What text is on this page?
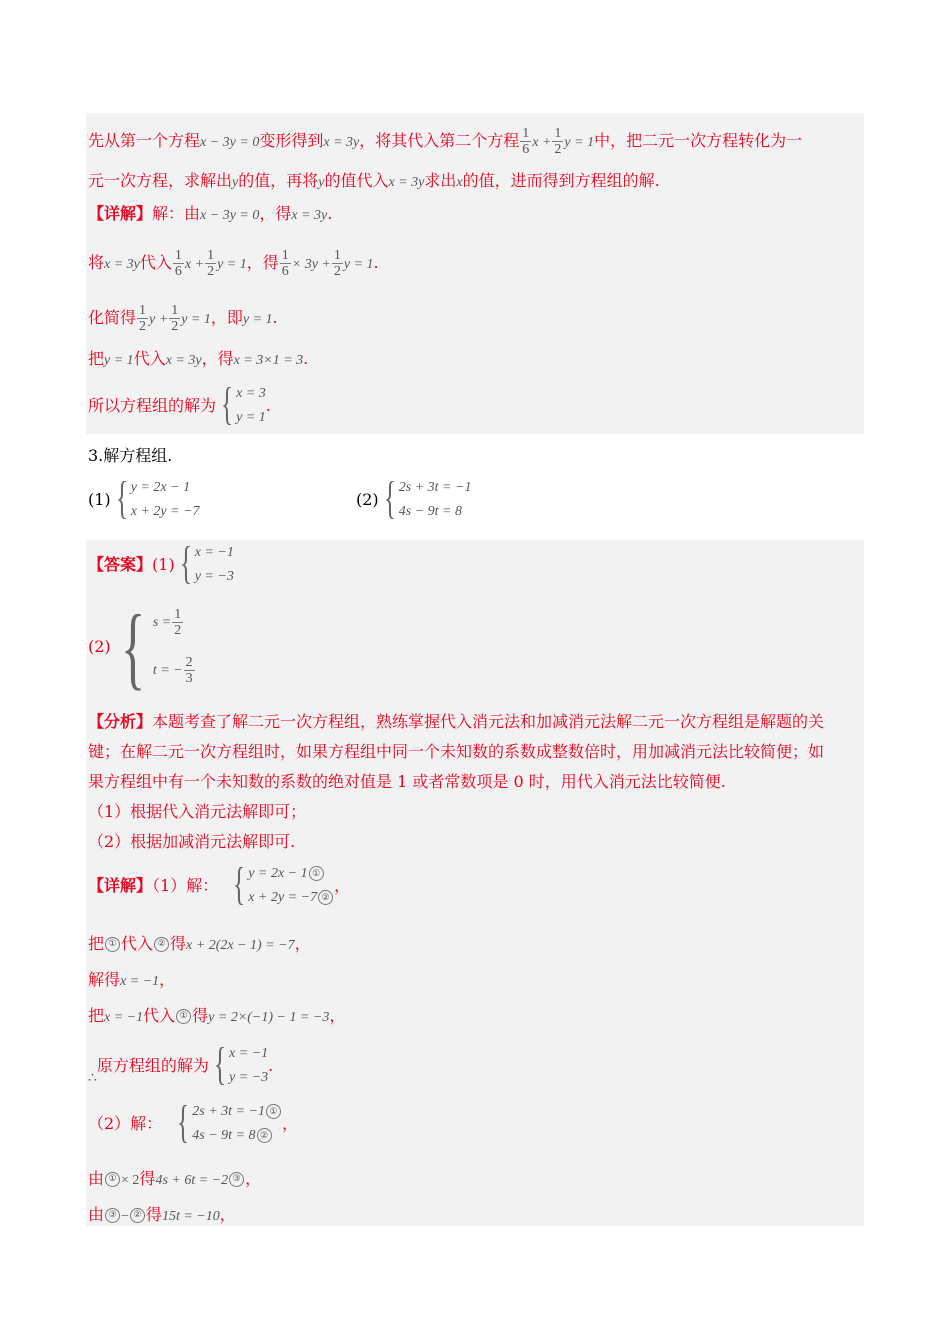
先从第一个方程x − 3y = 0变形得到x = 3y，将其代入第二个方程 $\frac{1}{6}$ $x + \frac{1}{2}$ y = 1中，把二元一次方程转化为一
元一次方程，求解出y的值，再将y的值代入x = 3y求出x的值，进而得到方程组的解.
【详解】解：由x − 3y = 0，得x = 3y.
将x = 3y代入 $\frac{1}{6}$ $x + \frac{1}{2}$ y = 1，得 $\frac{1}{6} \times 3y + \frac{1}{2}$ y = 1.
化简得 $\frac{1}{2}$ $y + \frac{1}{2}$ y = 1，即y = 1.
把y = 1代入x = 3y，得x = 3×1 = 3.
所以方程组的解为 { x = 3
y = 1
.
3.解方程组.
(1) { y = 2x − 1
x + 2y = −7
(2) { 2s + 3t = −1
4s − 9t = 8
【答案】(1) { x = −1
y = −3
(2) { $s = \frac{1}{2}$
t = − $\frac{2}{3}$
【分析】本题考查了解二元一次方程组，熟练掌握代入消元法和加减消元法解二元一次方程组是解题的关
键；在解二元一次方程组时，如果方程组中同一个未知数的系数成整数倍时，用加减消元法比较简便；如
果方程组中有一个未知数的系数的绝对值是 1 或者常数项是 0 时，用代入消元法比较简便.
（1）根据代入消元法解即可；
（2）根据加减消元法解即可.
【详解】（1）解： { y = 2x − 1 ①
x + 2y = −7 ②
，
把 ① 代入 ② 得x + 2(2x − 1) = −7，
解得x = −1，
把x = −1代入 ① 得y = 2×(−1) − 1 = −3，
∴原方程组的解为 { x = −1
y = −3
.
（2）解： { 2s + 3t = −1 ①
4s − 9t = 8 ②
，
由 ① × 2得4s + 6t = −2 ③ ，
由 ③ − ② 得15t = −10，
